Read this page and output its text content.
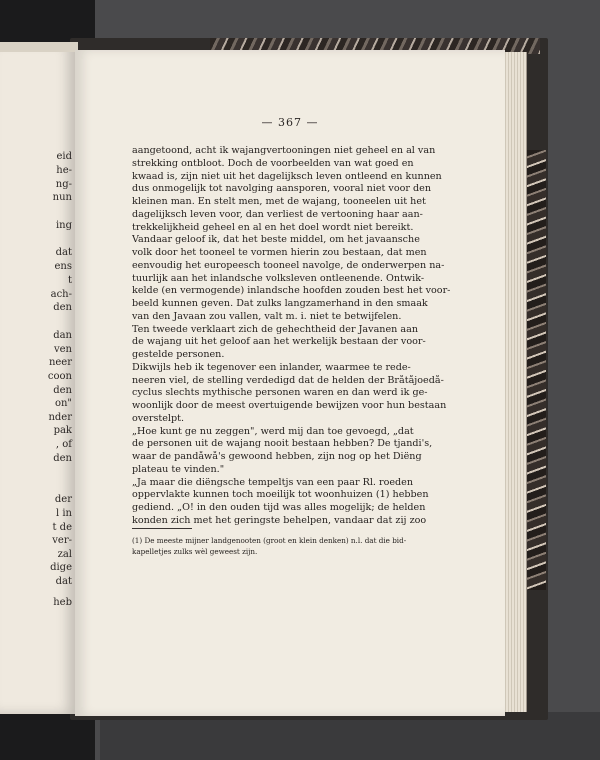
eid
he-
ng-
nun
ing
dat
ens
t
ach-
den
dan
ven
neer
coon
den
on"
nder
pak
, of
den
der
l in
t de
ver-
zal
dige
dat
heb
— 367 —
aangetoond, acht ik wajangvertooningen niet geheel en al van
strekking ontbloot. Doch de voorbeelden van wat goed en
kwaad is, zijn niet uit het dagelijksch leven ontleend en kunnen
dus onmogelijk tot navolging aansporen, vooral niet voor den
kleinen man. En stelt men, met de wajang, tooneelen uit het
dagelijksch leven voor, dan verliest de vertooning haar aan-
trekkelijkheid geheel en al en het doel wordt niet bereikt.
Vandaar geloof ik, dat het beste middel, om het javaansche
volk door het tooneel te vormen hierin zou bestaan, dat men
eenvoudig het europeesch tooneel navolge, de onderwerpen na-
tuurlijk aan het inlandsche volksleven ontleenende. Ontwik-
kelde (en vermogende) inlandsche hoofden zouden best het voor-
beeld kunnen geven. Dat zulks langzamerhand in den smaak
van den Javaan zou vallen, valt m. i. niet te betwijfelen.
Ten tweede verklaart zich de gehechtheid der Javanen aan
de wajang uit het geloof aan het werkelijk bestaan der voor-
gestelde personen.
Dikwijls heb ik tegenover een inlander, waarmee te rede-
neeren viel, de stelling verdedigd dat de helden der Bråtåjoedå-
cyclus slechts mythische personen waren en dan werd ik ge-
woonlijk door de meest overtuigende bewijzen voor hun bestaan
overstelpt.
„Hoe kunt ge nu zeggen", werd mij dan toe gevoegd, „dat
de personen uit de wajang nooit bestaan hebben? De tjandi's,
waar de pandåwå's gewoond hebben, zijn nog op het Diëng
plateau te vinden."
„Ja maar die diëngsche tempeltjs van een paar Rl. roeden
oppervlakte kunnen toch moeilijk tot woonhuizen (1) hebben
gediend. „O! in den ouden tijd was alles mogelijk; de helden
konden zich met het geringste behelpen, vandaar dat zij zoo
(1) De meeste mijner landgenooten (groot en klein denken) n.l. dat die bid-
kapelletjes zulks wèl geweest zijn.
